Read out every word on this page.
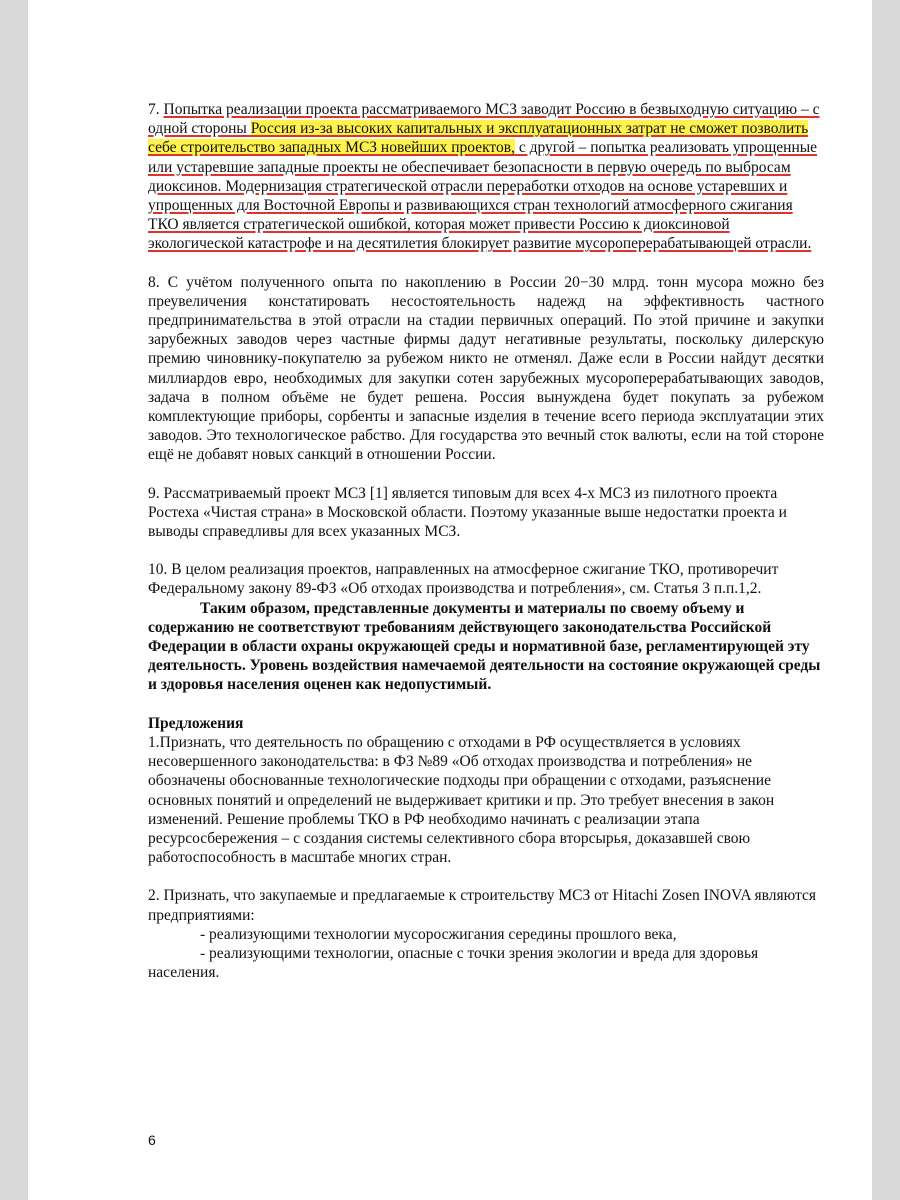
7. Попытка реализации проекта рассматриваемого МСЗ заводит Россию в безвыходную ситуацию – с одной стороны Россия из-за высоких капитальных и эксплуатационных затрат не сможет позволить себе строительство западных МСЗ новейших проектов, с другой – попытка реализовать упрощенные или устаревшие западные проекты не обеспечивает безопасности в первую очередь по выбросам диоксинов. Модернизация стратегической отрасли переработки отходов на основе устаревших и упрощенных для Восточной Европы и развивающихся стран технологий атмосферного сжигания ТКО является стратегической ошибкой, которая может привести Россию к диоксиновой экологической катастрофе и на десятилетия блокирует развитие мусороперерабатывающей отрасли.

8. С учётом полученного опыта по накоплению в России 20−30 млрд. тонн мусора можно без преувеличения констатировать несостоятельность надежд на эффективность частного предпринимательства в этой отрасли на стадии первичных операций. По этой причине и закупки зарубежных заводов через частные фирмы дадут негативные результаты, поскольку дилерскую премию чиновнику-покупателю за рубежом никто не отменял. Даже если в России найдут десятки миллиардов евро, необходимых для закупки сотен зарубежных мусороперерабатывающих заводов, задача в полном объёме не будет решена. Россия вынуждена будет покупать за рубежом комплектующие приборы, сорбенты и запасные изделия в течение всего периода эксплуатации этих заводов. Это технологическое рабство. Для государства это вечный сток валюты, если на той стороне ещё не добавят новых санкций в отношении России.

9. Рассматриваемый проект МСЗ [1] является типовым для всех 4-х МСЗ из пилотного проекта Ростеха «Чистая страна» в Московской области. Поэтому указанные выше недостатки проекта и выводы справедливы для всех указанных МСЗ.

10. В целом реализация проектов, направленных на атмосферное сжигание ТКО, противоречит Федеральному закону 89-ФЗ «Об отходах производства и потребления», см. Статья 3 п.п.1,2.

Таким образом, представленные документы и материалы по своему объему и содержанию не соответствуют требованиям действующего законодательства Российской Федерации в области охраны окружающей среды и нормативной базе, регламентирующей эту деятельность. Уровень воздействия намечаемой деятельности на состояние окружающей среды и здоровья населения оценен как недопустимый.

Предложения

1.Признать, что деятельность по обращению с отходами в РФ осуществляется в условиях несовершенного законодательства: в ФЗ №89 «Об отходах производства и потребления» не обозначены обоснованные технологические подходы при обращении с отходами, разъяснение основных понятий и определений не выдерживает критики и пр. Это требует внесения в закон изменений. Решение проблемы ТКО в РФ необходимо начинать с реализации этапа ресурсосбережения – с создания системы селективного сбора вторсырья, доказавшей свою работоспособность в масштабе многих стран.

2. Признать, что закупаемые и предлагаемые к строительству МСЗ от Hitachi Zosen INOVA являются предприятиями:

- реализующими технологии мусоросжигания середины прошлого века,

- реализующими технологии, опасные с точки зрения экологии и вреда для здоровья населения.

6
